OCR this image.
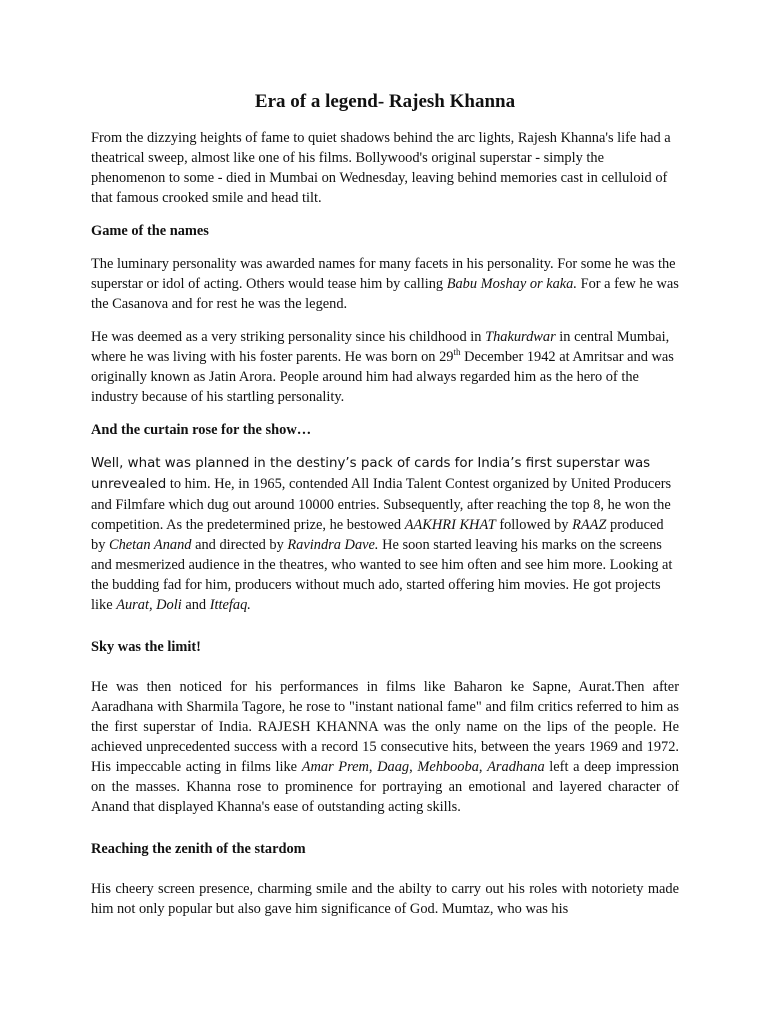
Era of a legend- Rajesh Khanna

From the dizzying heights of fame to quiet shadows behind the arc lights, Rajesh Khanna's life had a theatrical sweep, almost like one of his films. Bollywood's original superstar - simply the phenomenon to some - died in Mumbai on Wednesday, leaving behind memories cast in celluloid of that famous crooked smile and head tilt.

Game of the names

The luminary personality was awarded names for many facets in his personality. For some he was the superstar or idol of acting. Others would tease him by calling Babu Moshay or kaka. For a few he was the Casanova and for rest he was the legend.

He was deemed as a very striking personality since his childhood in Thakurdwar in central Mumbai, where he was living with his foster parents. He was born on 29th December 1942 at Amritsar and was originally known as Jatin Arora. People around him had always regarded him as the hero of the industry because of his startling personality.

And the curtain rose for the show…

Well, what was planned in the destiny’s pack of cards for India’s first superstar was unrevealed to him. He, in 1965, contended All India Talent Contest organized by United Producers and Filmfare which dug out around 10000 entries. Subsequently, after reaching the top 8, he won the competition. As the predetermined prize, he bestowed AAKHRI KHAT followed by RAAZ produced by Chetan Anand and directed by Ravindra Dave. He soon started leaving his marks on the screens and mesmerized audience in the theatres, who wanted to see him often and see him more. Looking at the budding fad for him, producers without much ado, started offering him movies. He got projects like Aurat, Doli and Ittefaq.

Sky was the limit!

He was then noticed for his performances in films like Baharon ke Sapne, Aurat.Then after Aaradhana with Sharmila Tagore, he rose to "instant national fame" and film critics referred to him as the first superstar of India. RAJESH KHANNA was the only name on the lips of the people. He achieved unprecedented success with a record 15 consecutive hits, between the years 1969 and 1972. His impeccable acting in films like Amar Prem, Daag, Mehbooba, Aradhana left a deep impression on the masses. Khanna rose to prominence for portraying an emotional and layered character of Anand that displayed Khanna's ease of outstanding acting skills.

Reaching the zenith of the stardom

His cheery screen presence, charming smile and the abilty to carry out his roles with notoriety made him not only popular but also gave him significance of God. Mumtaz, who was his
